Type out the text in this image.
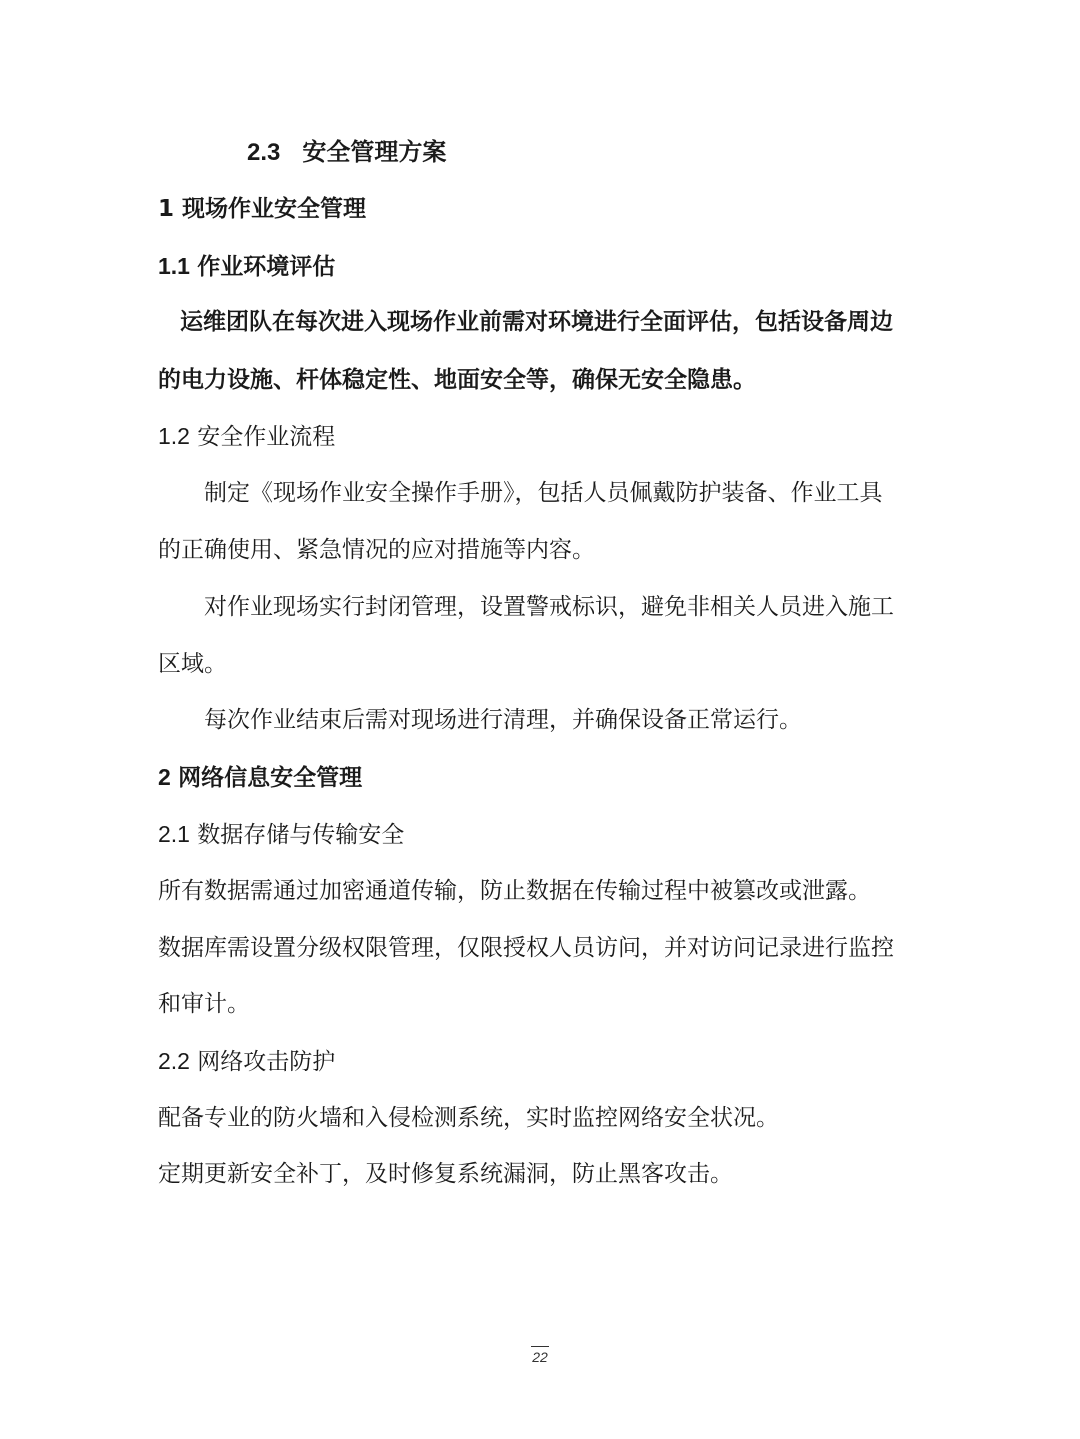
2.3 安全管理方案
1 现场作业安全管理
1.1 作业环境评估
运维团队在每次进入现场作业前需对环境进行全面评估，包括设备周边
的电力设施、杆体稳定性、地面安全等，确保无安全隐患。
1.2 安全作业流程
制定《现场作业安全操作手册》，包括人员佩戴防护装备、作业工具
的正确使用、紧急情况的应对措施等内容。
对作业现场实行封闭管理，设置警戒标识，避免非相关人员进入施工
区域。
每次作业结束后需对现场进行清理，并确保设备正常运行。
2 网络信息安全管理
2.1 数据存储与传输安全
所有数据需通过加密通道传输，防止数据在传输过程中被篡改或泄露。
数据库需设置分级权限管理，仅限授权人员访问，并对访问记录进行监控
和审计。
2.2 网络攻击防护
配备专业的防火墙和入侵检测系统，实时监控网络安全状况。
定期更新安全补丁，及时修复系统漏洞，防止黑客攻击。
22
